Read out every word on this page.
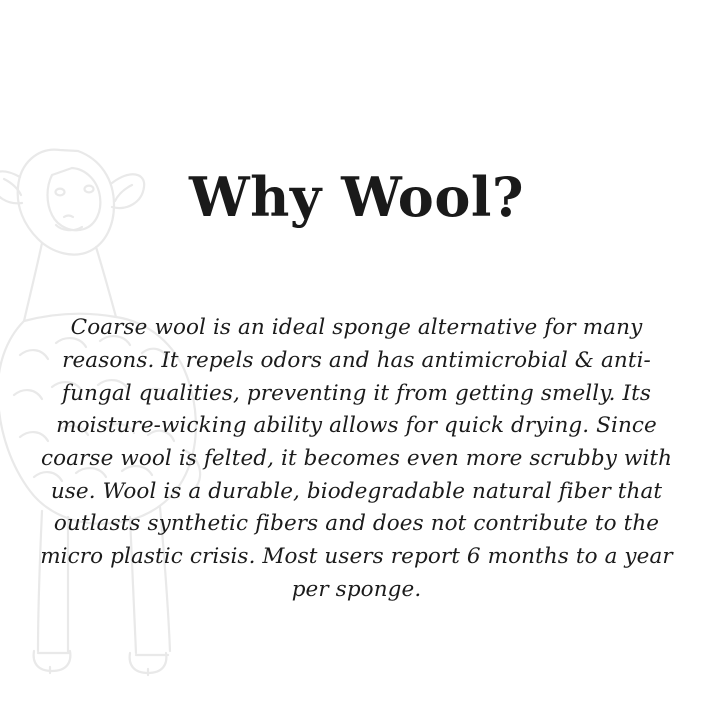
Why Wool?

Coarse wool is an ideal sponge alternative for many reasons. It repels odors and has antimicrobial & anti-fungal qualities, preventing it from getting smelly. Its moisture-wicking ability allows for quick drying. Since coarse wool is felted, it becomes even more scrubby with use. Wool is a durable, biodegradable natural fiber that outlasts synthetic fibers and does not contribute to the micro plastic crisis. Most users report 6 months to a year per sponge.
